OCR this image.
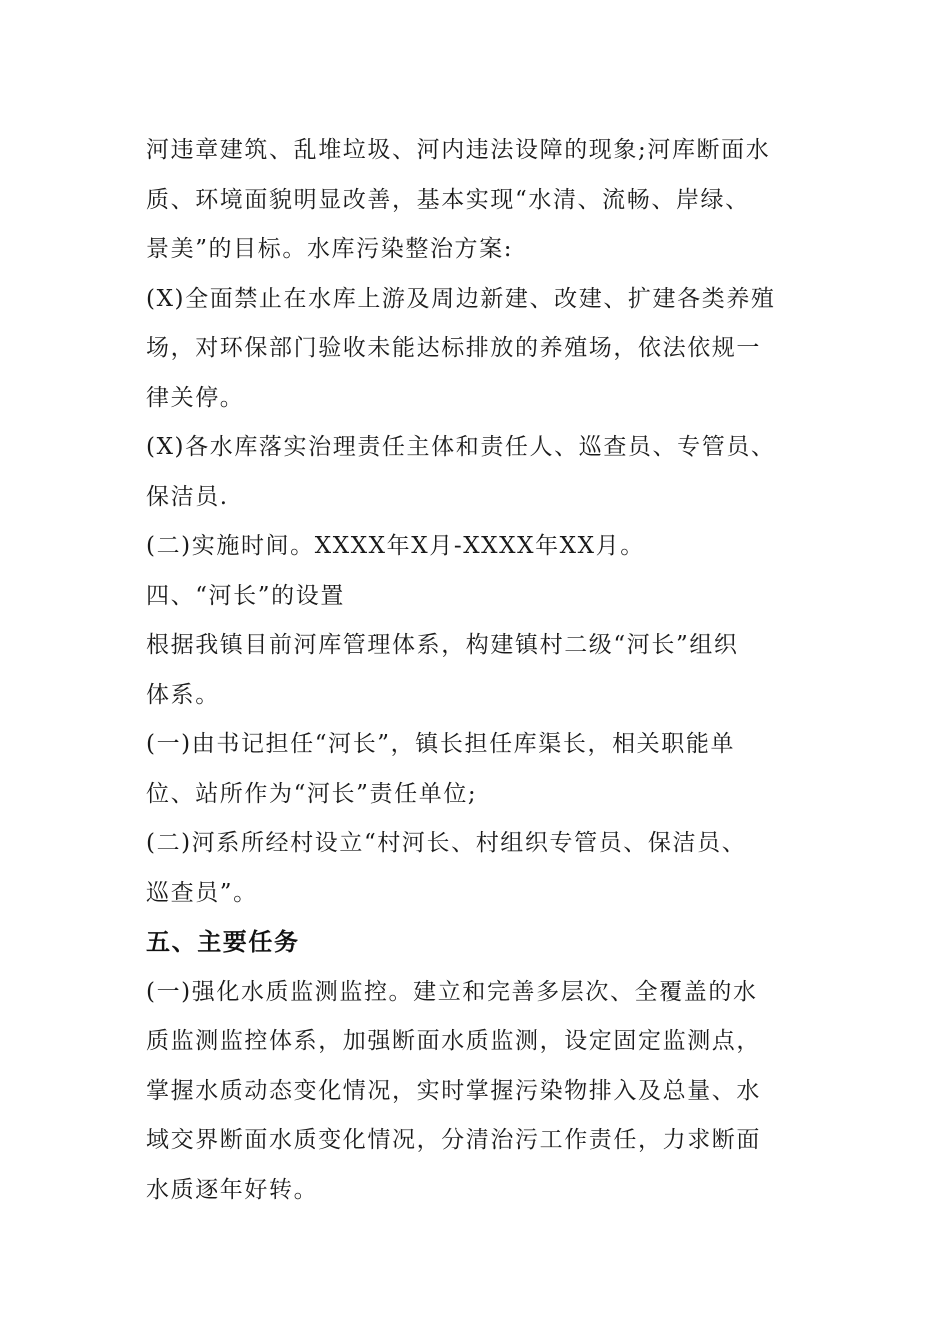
河违章建筑、乱堆垃圾、河内违法设障的现象;河库断面水
质、环境面貌明显改善，基本实现“水清、流畅、岸绿、
景美”的目标。水库污染整治方案:
(X)全面禁止在水库上游及周边新建、改建、扩建各类养殖
场，对环保部门验收未能达标排放的养殖场，依法依规一
律关停。
(X)各水库落实治理责任主体和责任人、巡查员、专管员、
保洁员.
(二)实施时间。XXXX年X月-XXXX年XX月。
四、“河长”的设置
根据我镇目前河库管理体系，构建镇村二级“河长”组织
体系。
(一)由书记担任“河长”，镇长担任库渠长，相关职能单
位、站所作为“河长”责任单位;
(二)河系所经村设立“村河长、村组织专管员、保洁员、
巡查员”。
五、主要任务
(一)强化水质监测监控。建立和完善多层次、全覆盖的水
质监测监控体系，加强断面水质监测，设定固定监测点，
掌握水质动态变化情况，实时掌握污染物排入及总量、水
域交界断面水质变化情况，分清治污工作责任，力求断面
水质逐年好转。
